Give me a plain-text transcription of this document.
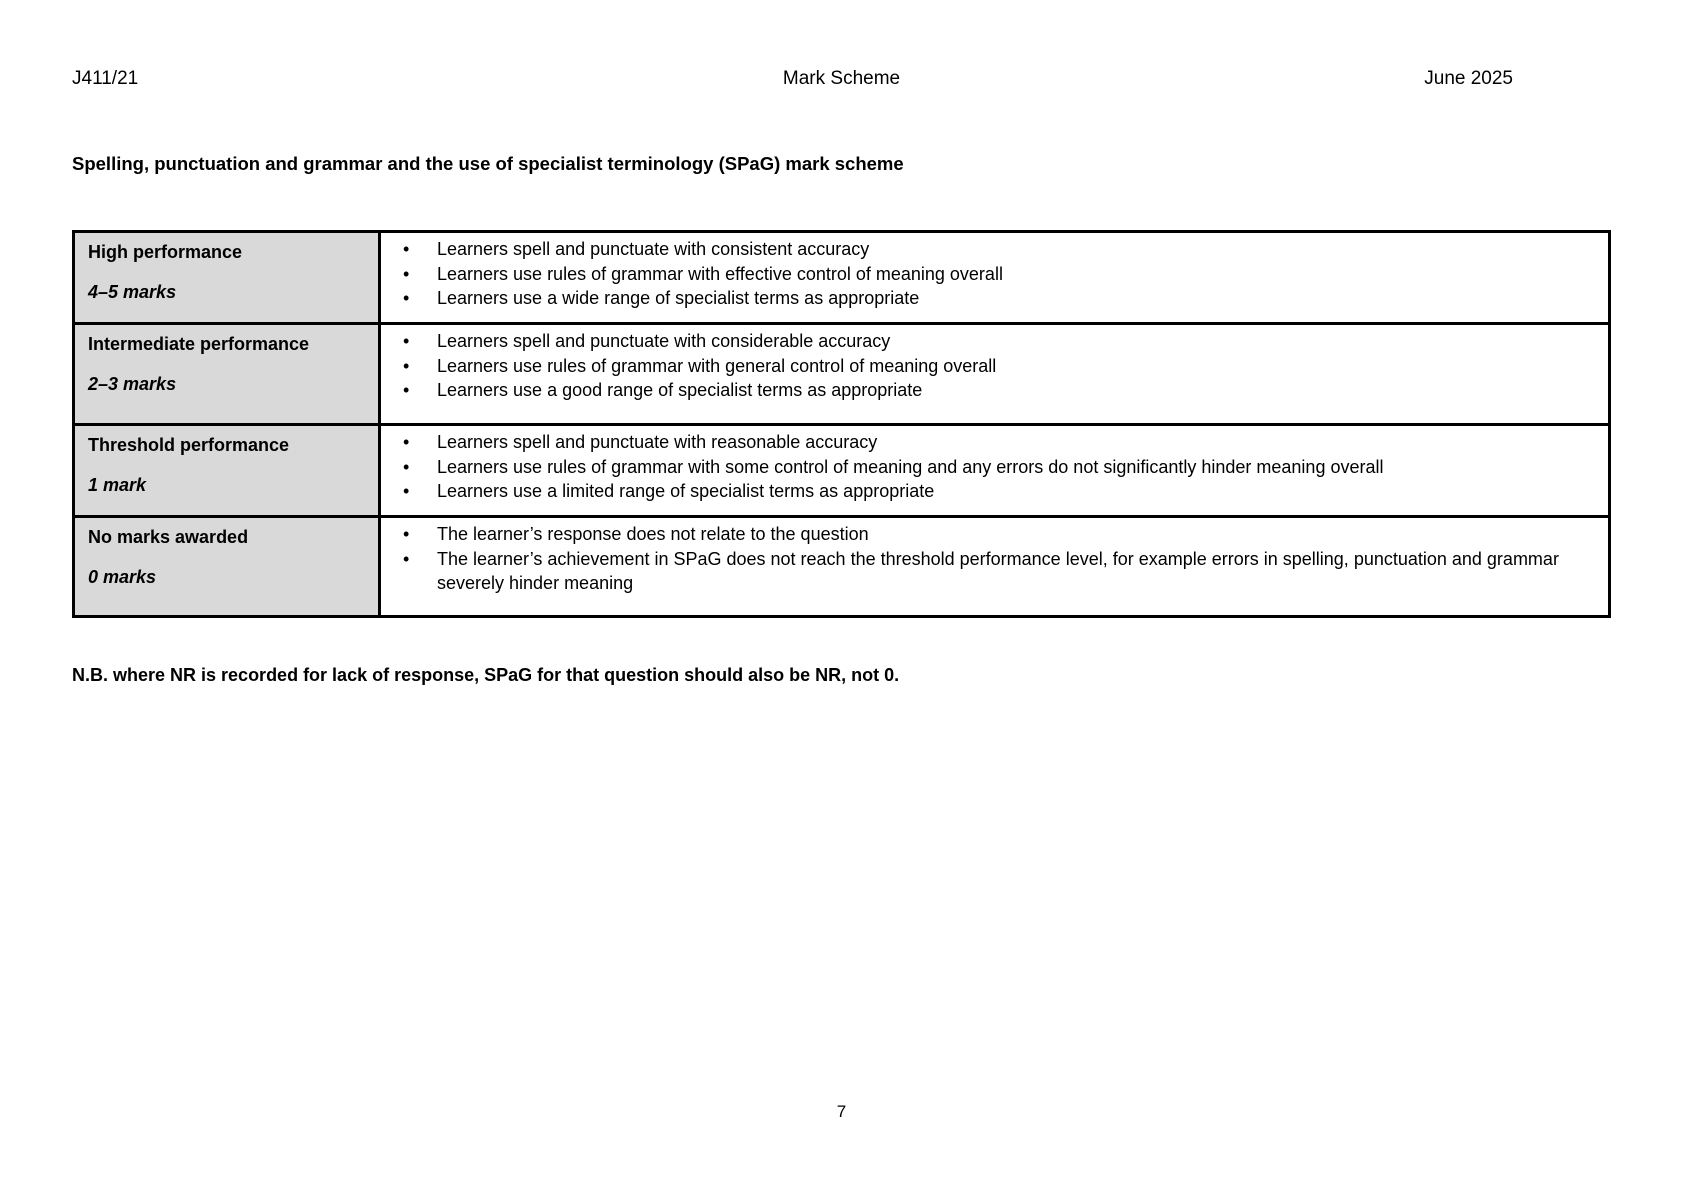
J411/21	Mark Scheme	June 2025
Spelling, punctuation and grammar and the use of specialist terminology (SPaG) mark scheme
High performance
4–5 marks

• Learners spell and punctuate with consistent accuracy
• Learners use rules of grammar with effective control of meaning overall
• Learners use a wide range of specialist terms as appropriate

Intermediate performance
2–3 marks

• Learners spell and punctuate with considerable accuracy
• Learners use rules of grammar with general control of meaning overall
• Learners use a good range of specialist terms as appropriate

Threshold performance
1 mark

• Learners spell and punctuate with reasonable accuracy
• Learners use rules of grammar with some control of meaning and any errors do not significantly hinder meaning overall
• Learners use a limited range of specialist terms as appropriate

No marks awarded
0 marks

• The learner’s response does not relate to the question
• The learner’s achievement in SPaG does not reach the threshold performance level, for example errors in spelling, punctuation and grammar severely hinder meaning
N.B. where NR is recorded for lack of response, SPaG for that question should also be NR, not 0.
7
